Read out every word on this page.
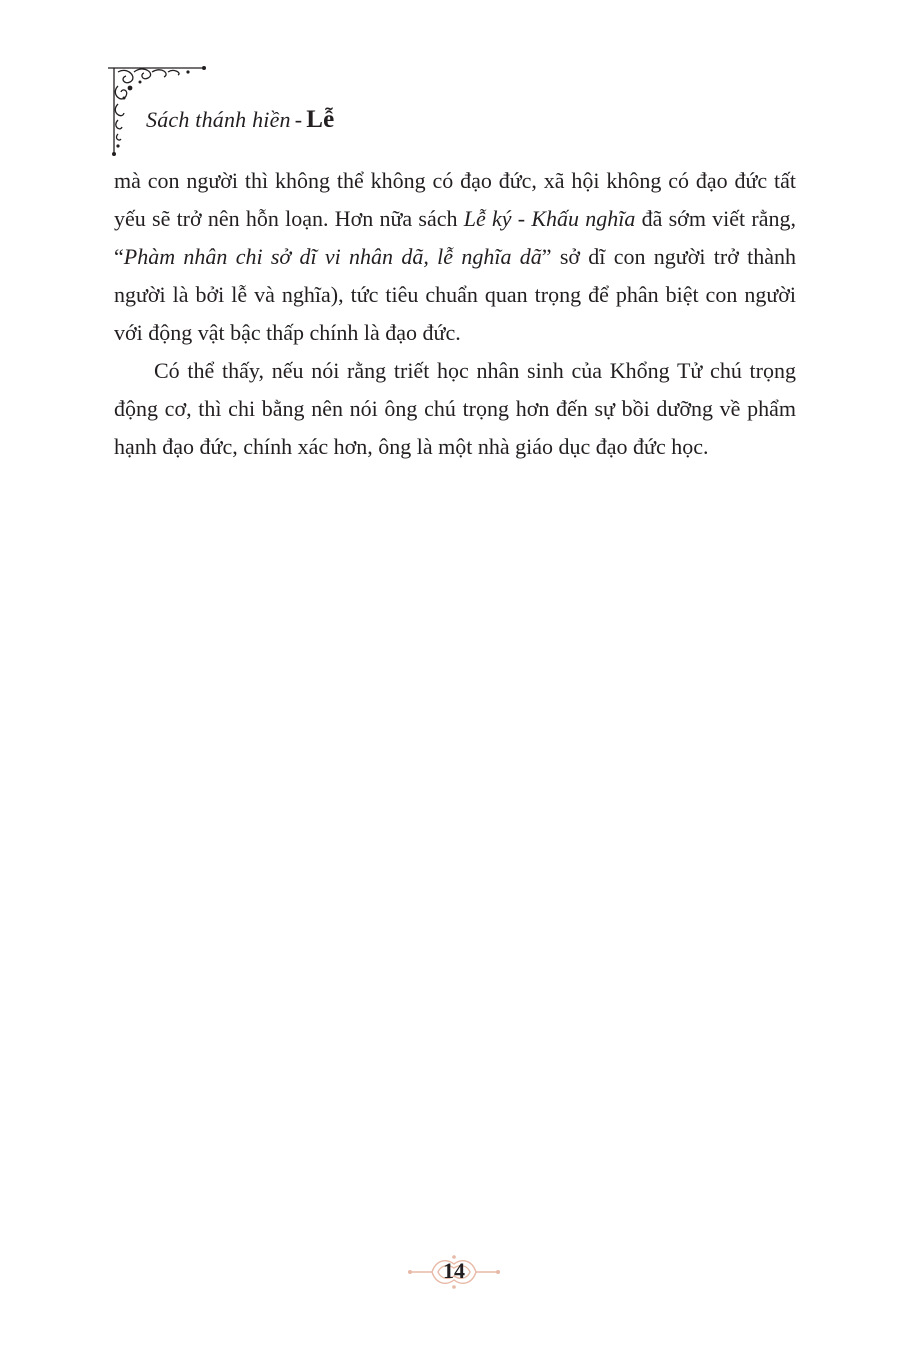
Sách thánh hiền - Lễ

mà con người thì không thể không có đạo đức, xã hội không có đạo đức tất yếu sẽ trở nên hỗn loạn. Hơn nữa sách Lễ ký - Khấu nghĩa đã sớm viết rằng, “Phàm nhân chi sở dĩ vi nhân dã, lễ nghĩa dã” sở dĩ con người trở thành người là bởi lễ và nghĩa), tức tiêu chuẩn quan trọng để phân biệt con người với động vật bậc thấp chính là đạo đức.

Có thể thấy, nếu nói rằng triết học nhân sinh của Khổng Tử chú trọng động cơ, thì chi bằng nên nói ông chú trọng hơn đến sự bồi dưỡng về phẩm hạnh đạo đức, chính xác hơn, ông là một nhà giáo dục đạo đức học.

14
